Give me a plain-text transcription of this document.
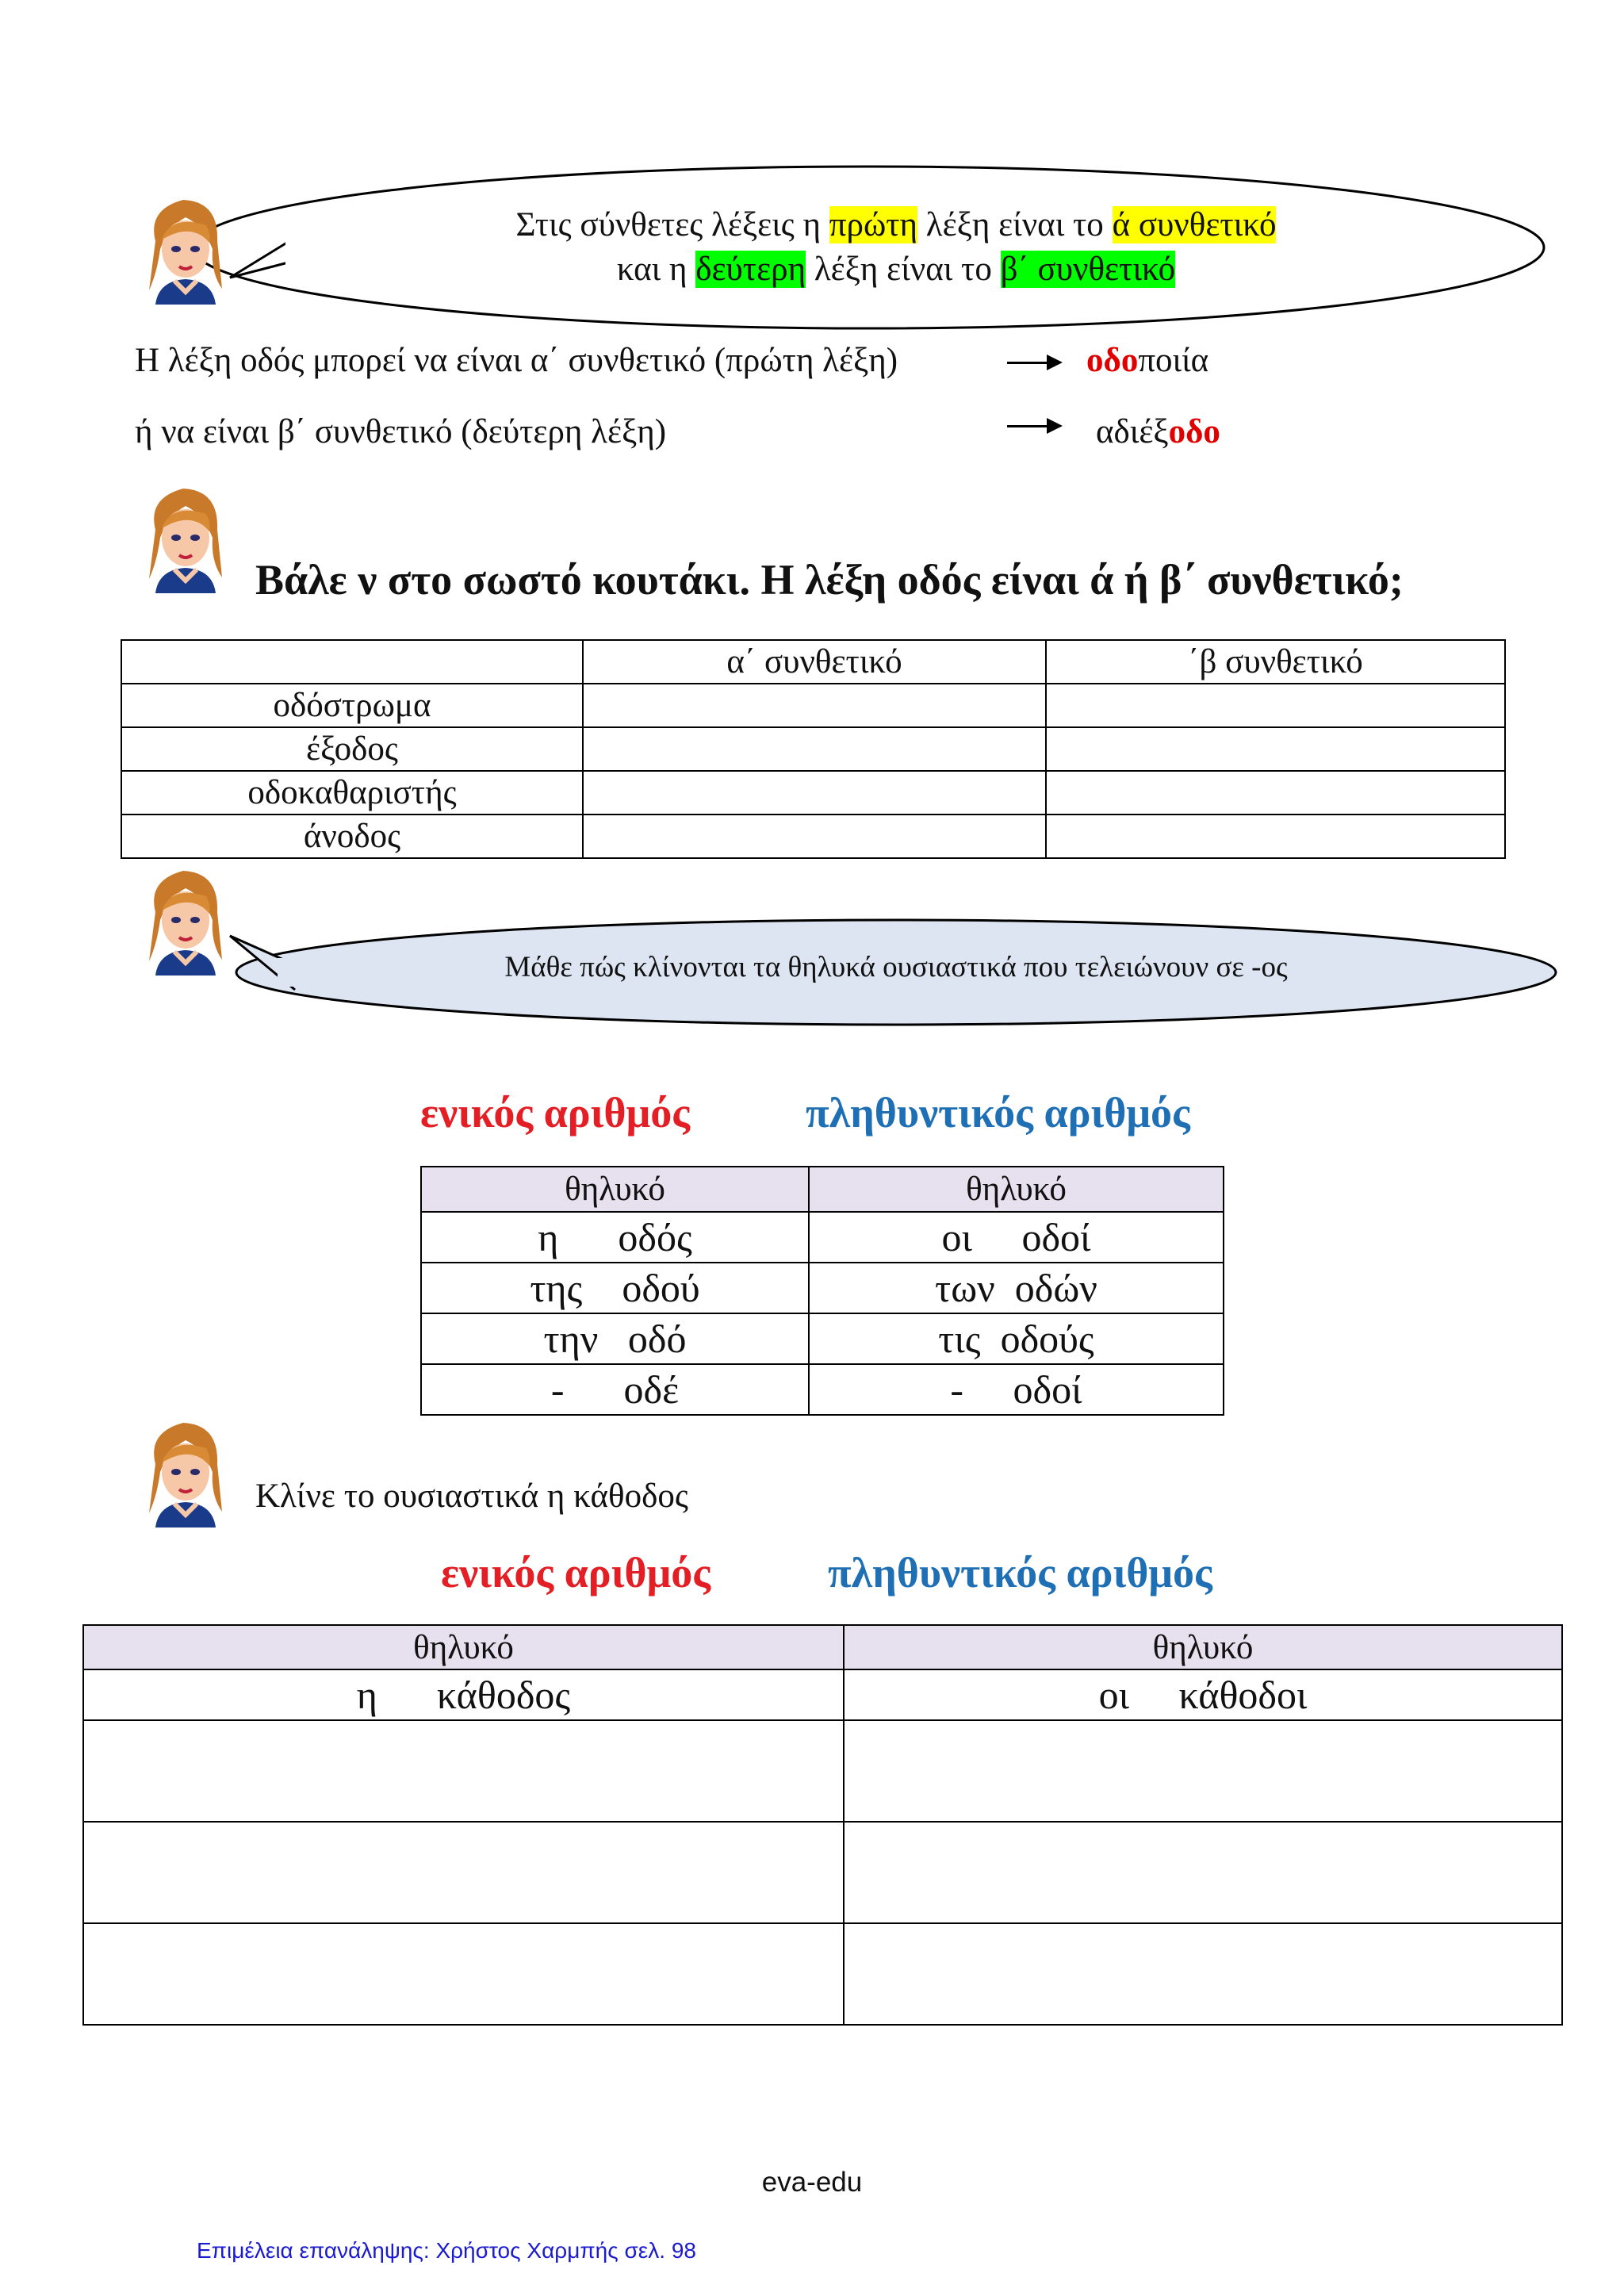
Στις σύνθετες λέξεις η πρώτη λέξη είναι το ά συνθετικό
και η δεύτερη λέξη είναι το β΄ συνθετικό
Η λέξη οδός μπορεί να είναι α΄ συνθετικό (πρώτη λέξη)	οδοποιία
ή να είναι β΄ συνθετικό (δεύτερη λέξη)	αδιέξοδο
Βάλε ν στο σωστό κουτάκι. Η λέξη οδός είναι ά ή β΄ συνθετικό;
	α΄ συνθετικό	΄β συνθετικό
οδόστρωμα		
έξοδος		
οδοκαθαριστής		
άνοδος		
Μάθε πώς κλίνονται τα θηλυκά ουσιαστικά που τελειώνουν σε -ος
ενικός αριθμός	πληθυντικός αριθμός
θηλυκό	θηλυκό
η      οδός	οι     οδοί
της    οδού	των  οδών
την   οδό	τις  οδούς
-      οδέ	-     οδοί
Κλίνε το ουσιαστικά η κάθοδος
ενικός αριθμός	πληθυντικός αριθμός
θηλυκό	θηλυκό
η      κάθοδος	οι     κάθοδοι

eva-edu
Επιμέλεια επανάληψης: Χρήστος Χαρμπής σελ. 98
